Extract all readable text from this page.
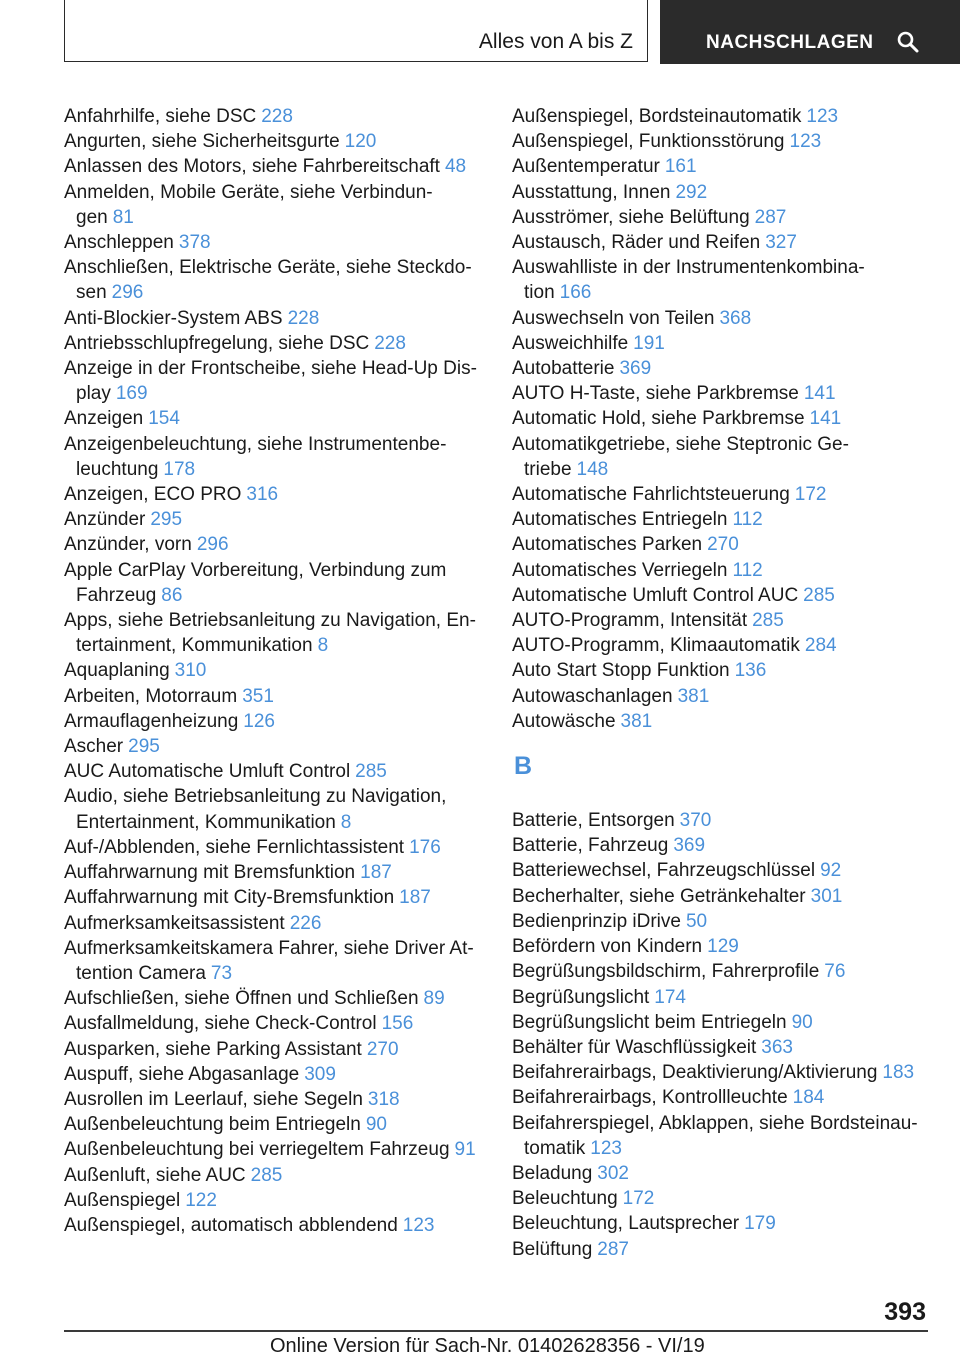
Alles von A bis Z	NACHSCHLAGEN

Anfahrhilfe, siehe DSC 228

Angurten, siehe Sicherheitsgurte 120

Anlassen des Motors, siehe Fahrbereitschaft 48

Anmelden, Mobile Geräte, siehe Verbindungen 81

Anschleppen 378

Anschließen, Elektrische Geräte, siehe Steckdosen 296

Anti-Blockier-System ABS 228

Antriebsschlupfregelung, siehe DSC 228

Anzeige in der Frontscheibe, siehe Head-Up Display 169

Anzeigen 154

Anzeigenbeleuchtung, siehe Instrumentenbeleuchtung 178

Anzeigen, ECO PRO 316

Anzünder 295

Anzünder, vorn 296

Apple CarPlay Vorbereitung, Verbindung zum Fahrzeug 86

Apps, siehe Betriebsanleitung zu Navigation, Entertainment, Kommunikation 8

Aquaplaning 310

Arbeiten, Motorraum 351

Armauflagenheizung 126

Ascher 295

AUC Automatische Umluft Control 285

Audio, siehe Betriebsanleitung zu Navigation, Entertainment, Kommunikation 8

Auf-/Abblenden, siehe Fernlichtassistent 176

Auffahrwarnung mit Bremsfunktion 187

Auffahrwarnung mit City-Bremsfunktion 187

Aufmerksamkeitsassistent 226

Aufmerksamkeitskamera Fahrer, siehe Driver Attention Camera 73

Aufschließen, siehe Öffnen und Schließen 89

Ausfallmeldung, siehe Check-Control 156

Ausparken, siehe Parking Assistant 270

Auspuff, siehe Abgasanlage 309

Ausrollen im Leerlauf, siehe Segeln 318

Außenbeleuchtung beim Entriegeln 90

Außenbeleuchtung bei verriegeltem Fahrzeug 91

Außenluft, siehe AUC 285

Außenspiegel 122

Außenspiegel, automatisch abblendend 123

Außenspiegel, Bordsteinautomatik 123

Außenspiegel, Funktionsstörung 123

Außentemperatur 161

Ausstattung, Innen 292

Ausströmer, siehe Belüftung 287

Austausch, Räder und Reifen 327

Auswahlliste in der Instrumentenkombination 166

Auswechseln von Teilen 368

Ausweichhilfe 191

Autobatterie 369

AUTO H-Taste, siehe Parkbremse 141

Automatic Hold, siehe Parkbremse 141

Automatikgetriebe, siehe Steptronic Getriebe 148

Automatische Fahrlichtsteuerung 172

Automatisches Entriegeln 112

Automatisches Parken 270

Automatisches Verriegeln 112

Automatische Umluft Control AUC 285

AUTO-Programm, Intensität 285

AUTO-Programm, Klimaautomatik 284

Auto Start Stopp Funktion 136

Autowaschanlagen 381

Autowäsche 381

B

Batterie, Entsorgen 370

Batterie, Fahrzeug 369

Batteriewechsel, Fahrzeugschlüssel 92

Becherhalter, siehe Getränkehalter 301

Bedienprinzip iDrive 50

Befördern von Kindern 129

Begrüßungsbildschirm, Fahrerprofile 76

Begrüßungslicht 174

Begrüßungslicht beim Entriegeln 90

Behälter für Waschflüssigkeit 363

Beifahrerairbags, Deaktivierung/Aktivierung 183

Beifahrerairbags, Kontrollleuchte 184

Beifahrerspiegel, Abklappen, siehe Bordsteinautomatik 123

Beladung 302

Beleuchtung 172

Beleuchtung, Lautsprecher 179

Belüftung 287

393
Online Version für Sach-Nr. 01402628356 - VI/19
